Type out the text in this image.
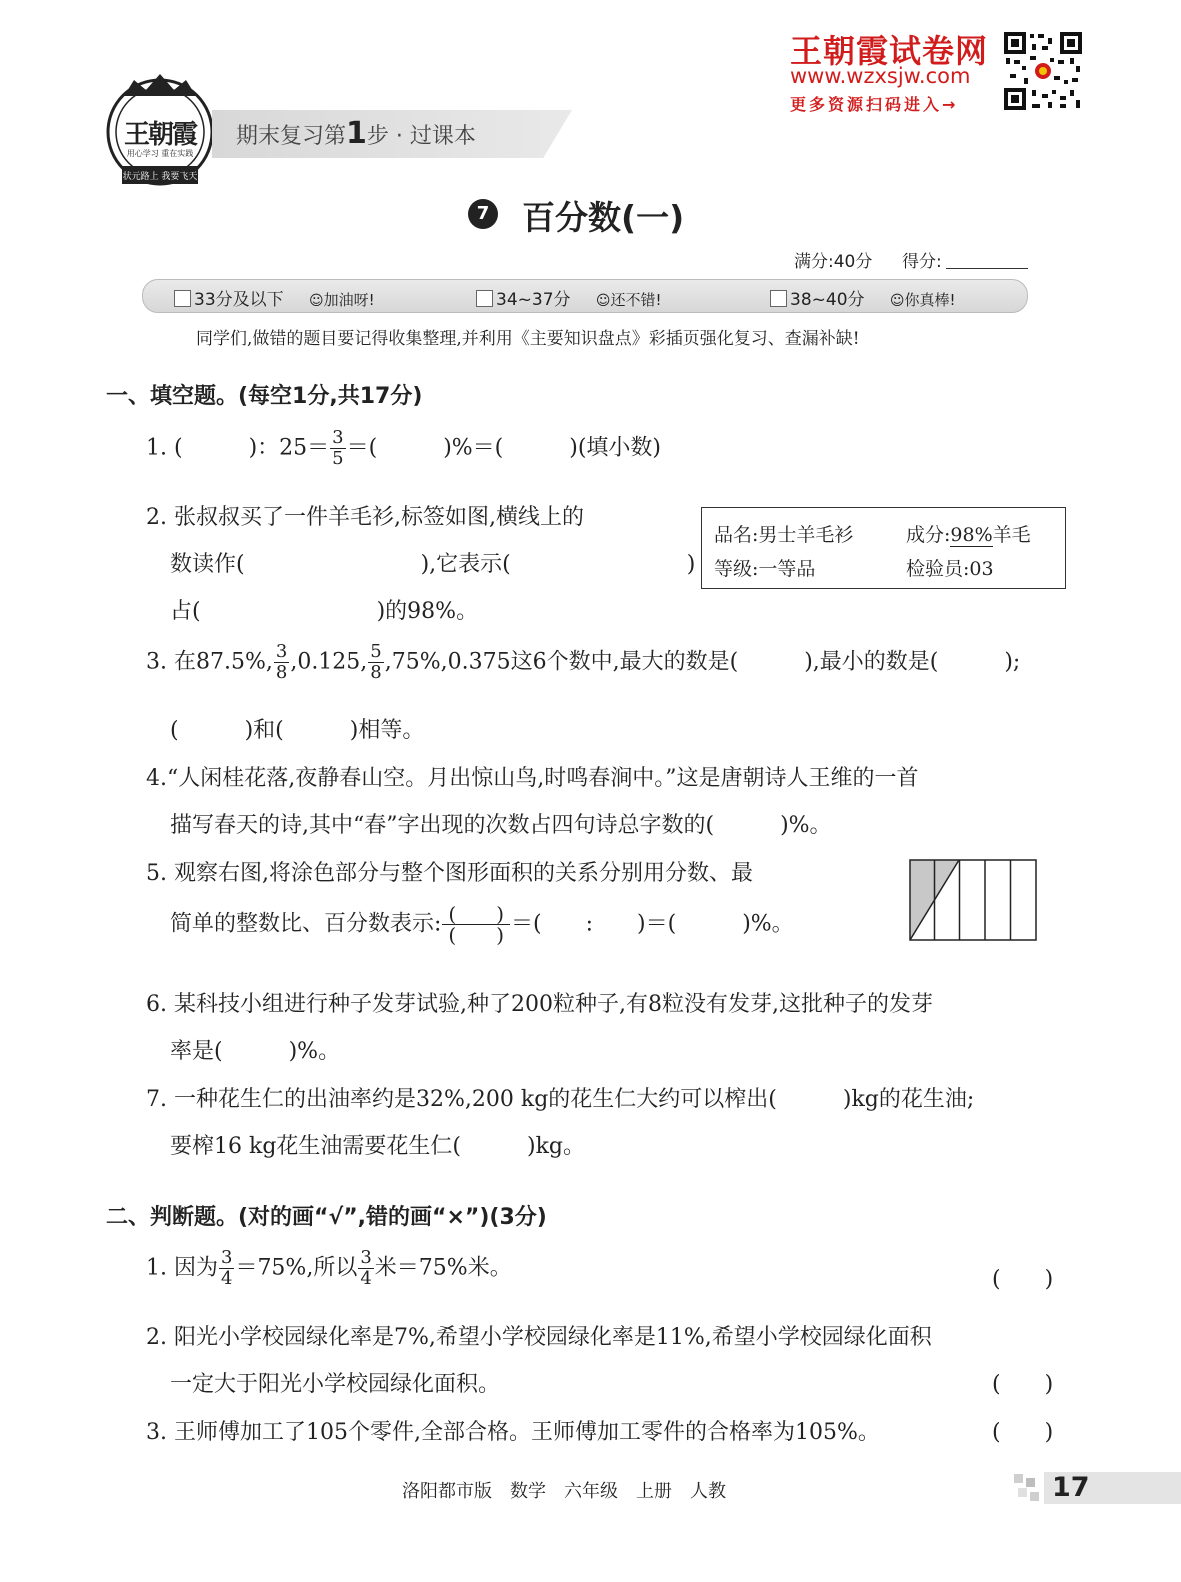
王朝霞
用心学习 重在实践
状元路上 我要飞天
期末复习第1步 · 过课本
王朝霞试卷网
www.wzxsjw.com
更多资源扫码进入→
7 百分数(一)
满分:40分 得分:
33分及以下 ☺加油呀!	34~37分 ☺还不错!	38~40分 ☺你真棒!
同学们,做错的题目要记得收集整理,并利用《主要知识盘点》彩插页强化复习、查漏补缺!
一、填空题。(每空1分,共17分)
1. (　　　)：$25= \frac{3}{5}$ ＝(　　　)%＝(　　　)(填小数)
2. 张叔叔买了一件羊毛衫,标签如图,横线上的
数读作(　　　　　　　　),它表示(　　　　　　　　)
占(　　　　　　　　)的98%。
品名:男士羊毛衫	成分:98%羊毛
等级:一等品	检验员:03
3. 在87.5%, $\frac{3}{8} ,0.125$, $\frac{5}{8} ,75\%,0.375$这6个数中,最大的数是(　　　),最小的数是(　　　);
(　　　)和(　　　)相等。
4.“人闲桂花落,夜静春山空。月出惊山鸟,时鸣春涧中。”这是唐朝诗人王维的一首
描写春天的诗,其中“春”字出现的次数占四句诗总字数的(　　　)%。
5. 观察右图,将涂色部分与整个图形面积的关系分别用分数、最
简单的整数比、百分数表示: $\frac{( )}{( )}$ ＝(　　:　　)＝(　　　)%。
6. 某科技小组进行种子发芽试验,种了200粒种子,有8粒没有发芽,这批种子的发芽
率是(　　　)%。
7. 一种花生仁的出油率约是32%,200 kg的花生仁大约可以榨出(　　　)kg的花生油;
要榨16 kg花生油需要花生仁(　　　)kg。
二、判断题。(对的画“√”,错的画“×”)(3分)
1. 因为 $\frac{3}{4} =75\%$,所以 $\frac{3}{4}$ 米＝75%米。	(　　)
2. 阳光小学校园绿化率是7%,希望小学校园绿化率是11%,希望小学校园绿化面积
一定大于阳光小学校园绿化面积。	(　　)
3. 王师傅加工了105个零件,全部合格。王师傅加工零件的合格率为105%。	(　　)
洛阳都市版　数学　六年级　上册　人教	17
